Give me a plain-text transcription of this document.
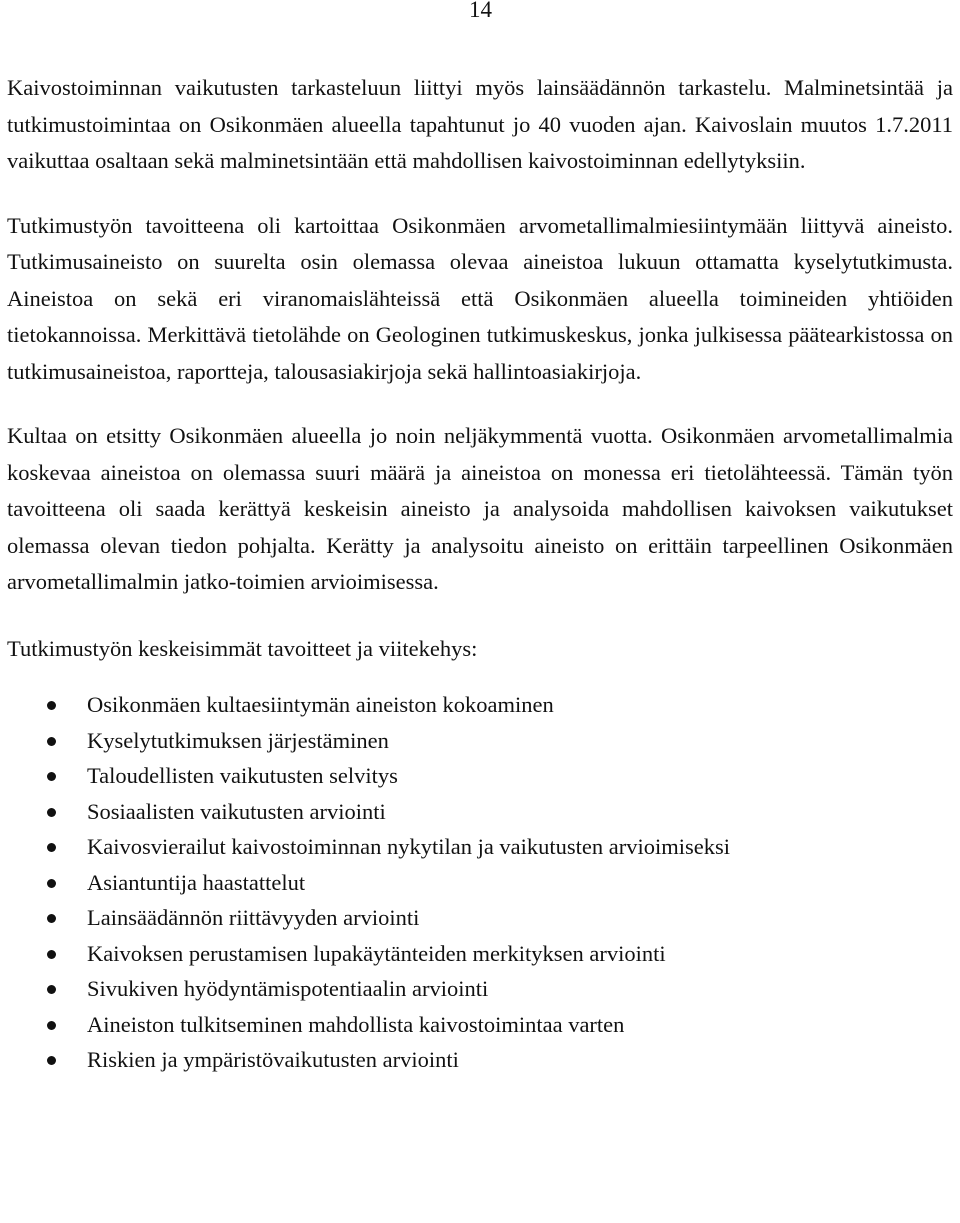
14

Kaivostoiminnan vaikutusten tarkasteluun liittyi myös lainsäädännön tarkastelu. Malminetsintää ja tutkimustoimintaa on Osikonmäen alueella tapahtunut jo 40 vuoden ajan. Kaivoslain muutos 1.7.2011 vaikuttaa osaltaan sekä malminetsintään että mahdollisen kaivostoiminnan edellytyksiin.

Tutkimustyön tavoitteena oli kartoittaa Osikonmäen arvometallimalmiesiintymään liittyvä aineisto. Tutkimusaineisto on suurelta osin olemassa olevaa aineistoa lukuun ottamatta kyselytutkimusta. Aineistoa on sekä eri viranomaislähteissä että Osikonmäen alueella toimineiden yhtiöiden tietokannoissa. Merkittävä tietolähde on Geologinen tutkimuskeskus, jonka julkisessa päätearkistossa on tutkimusaineistoa, raportteja, talousasiakirjoja sekä hallintoasiakirjoja.

Kultaa on etsitty Osikonmäen alueella jo noin neljäkymmentä vuotta. Osikonmäen arvometallimalmia koskevaa aineistoa on olemassa suuri määrä ja aineistoa on monessa eri tietolähteessä. Tämän työn tavoitteena oli saada kerättyä keskeisin aineisto ja analysoida mahdollisen kaivoksen vaikutukset olemassa olevan tiedon pohjalta. Kerätty ja analysoitu aineisto on erittäin tarpeellinen Osikonmäen arvometallimalmin jatko-toimien arvioimisessa.

Tutkimustyön keskeisimmät tavoitteet ja viitekehys:

Osikonmäen kultaesiintymän aineiston kokoaminen
Kyselytutkimuksen järjestäminen
Taloudellisten vaikutusten selvitys
Sosiaalisten vaikutusten arviointi
Kaivosvierailut kaivostoiminnan nykytilan ja vaikutusten arvioimiseksi
Asiantuntija haastattelut
Lainsäädännön riittävyyden arviointi
Kaivoksen perustamisen lupakäytänteiden merkityksen arviointi
Sivukiven hyödyntämispotentiaalin arviointi
Aineiston tulkitseminen mahdollista kaivostoimintaa varten
Riskien ja ympäristövaikutusten arviointi
